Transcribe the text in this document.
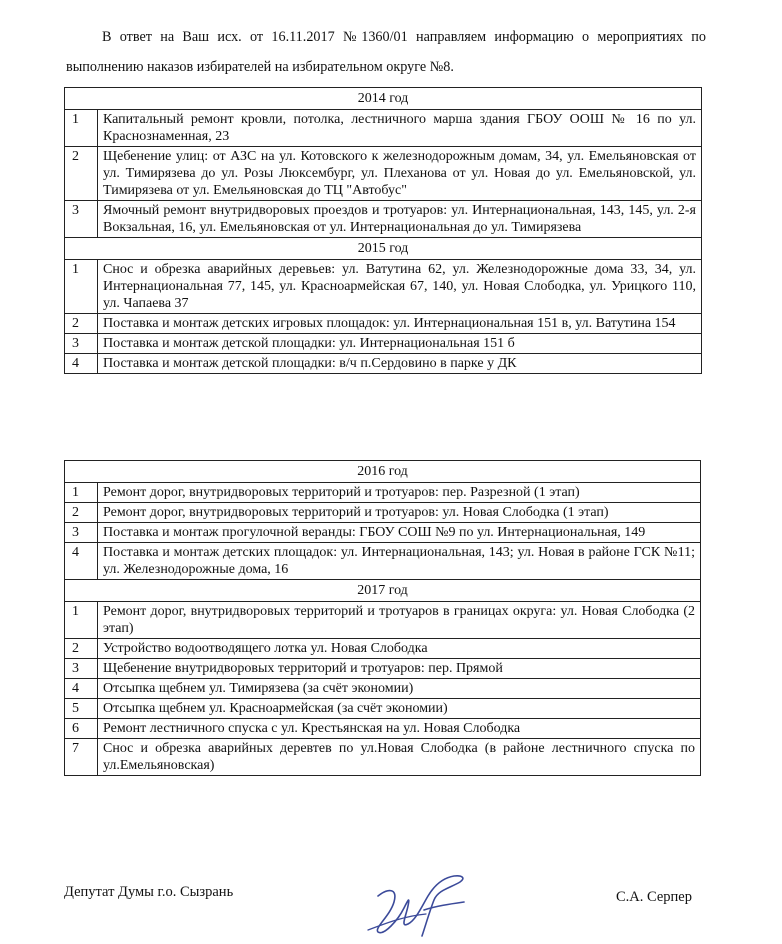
В ответ на Ваш исх. от 16.11.2017 №1360/01 направляем информацию о мероприятиях по выполнению наказов избирателей на избирательном округе №8.
2014 год	
1	Капитальный ремонт кровли, потолка, лестничного марша здания ГБОУ ООШ № 16 по ул. Краснознаменная, 23
2	Щебенение улиц: от АЗС на ул. Котовского к железнодорожным домам, 34, ул. Емельяновская от ул. Тимирязева до ул. Розы Люксембург, ул. Плеханова от ул. Новая до ул. Емельяновской, ул. Тимирязева от ул. Емельяновская до ТЦ "Автобус"
3	Ямочный ремонт внутридворовых проездов и тротуаров: ул. Интернациональная, 143, 145, ул. 2-я Вокзальная, 16, ул. Емельяновская от ул. Интернациональная до ул. Тимирязева
2015 год	
1	Снос и обрезка аварийных деревьев: ул. Ватутина 62, ул. Железнодорожные дома 33, 34, ул. Интернациональная 77, 145, ул. Красноармейская 67, 140, ул. Новая Слободка, ул. Урицкого 110, ул. Чапаева 37
2	Поставка и монтаж детских игровых площадок: ул. Интернациональная 151 в, ул. Ватутина 154
3	Поставка и монтаж детской площадки: ул. Интернациональная 151 б
4	Поставка и монтаж детской площадки: в/ч п.Сердовино в парке у ДК
2016 год	
1	Ремонт дорог, внутридворовых территорий и тротуаров: пер. Разрезной (1 этап)
2	Ремонт дорог, внутридворовых территорий и тротуаров: ул. Новая Слободка (1 этап)
3	Поставка и монтаж прогулочной веранды: ГБОУ СОШ №9 по ул. Интернациональная, 149
4	Поставка и монтаж детских площадок: ул. Интернациональная, 143; ул. Новая в районе ГСК №11; ул. Железнодорожные дома, 16
2017 год	
1	Ремонт дорог, внутридворовых территорий и тротуаров в границах округа: ул. Новая Слободка (2 этап)
2	Устройство водоотводящего лотка ул. Новая Слободка
3	Щебенение внутридворовых территорий и тротуаров: пер. Прямой
4	Отсыпка щебнем ул. Тимирязева (за счёт экономии)
5	Отсыпка щебнем ул. Красноармейская (за счёт экономии)
6	Ремонт лестничного спуска с ул. Крестьянская на ул. Новая Слободка
7	Снос и обрезка аварийных деревтев по ул.Новая Слободка (в районе лестничного спуска по ул.Емельяновская)
Депутат Думы г.о. Сызрань	С.А. Серпер
